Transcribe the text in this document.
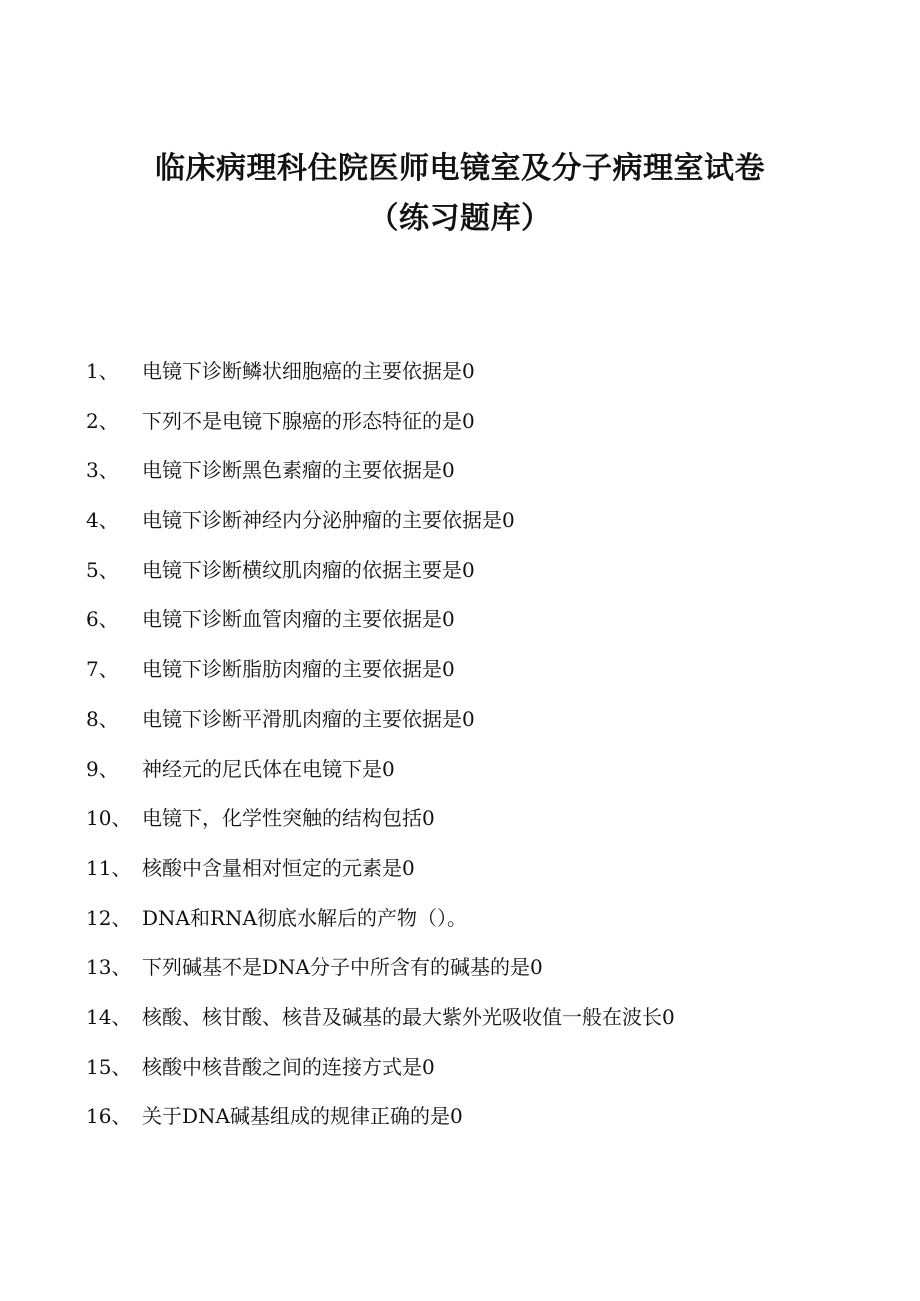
临床病理科住院医师电镜室及分子病理室试卷
（练习题库）
1、 电镜下诊断鳞状细胞癌的主要依据是0
2、 下列不是电镜下腺癌的形态特征的是0
3、 电镜下诊断黑色素瘤的主要依据是0
4、 电镜下诊断神经内分泌肿瘤的主要依据是0
5、 电镜下诊断横纹肌肉瘤的依据主要是0
6、 电镜下诊断血管肉瘤的主要依据是0
7、 电镜下诊断脂肪肉瘤的主要依据是0
8、 电镜下诊断平滑肌肉瘤的主要依据是0
9、 神经元的尼氏体在电镜下是0
10、 电镜下，化学性突触的结构包括0
11、 核酸中含量相对恒定的元素是0
12、 DNA和RNA彻底水解后的产物（）。
13、 下列碱基不是DNA分子中所含有的碱基的是0
14、 核酸、核甘酸、核昔及碱基的最大紫外光吸收值一般在波长0
15、 核酸中核昔酸之间的连接方式是0
16、 关于DNA碱基组成的规律正确的是0
